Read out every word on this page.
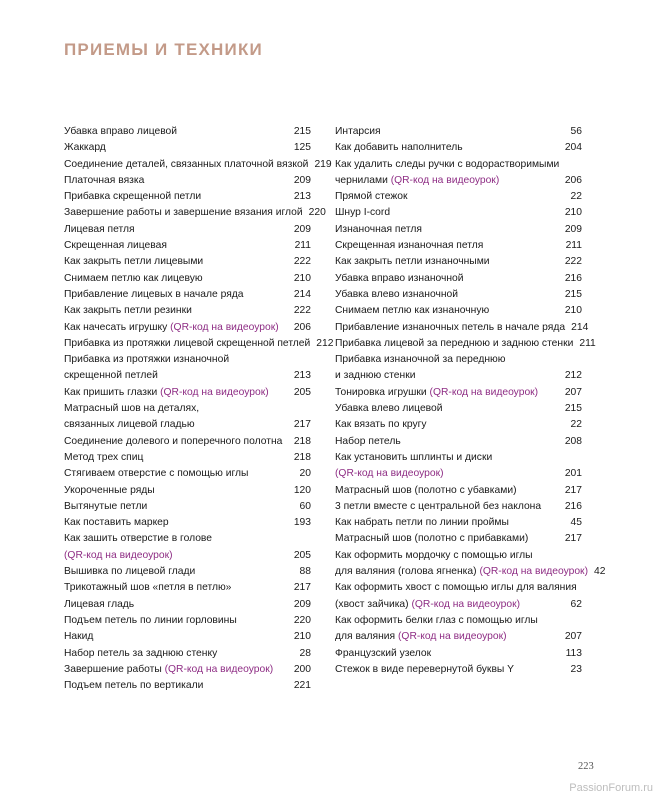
ПРИЕМЫ И ТЕХНИКИ
Убавка вправо лицевой	215
Жаккард	125
Соединение деталей, связанных платочной вязкой 219
Платочная вязка	209
Прибавка скрещенной петли	213
Завершение работы и завершение вязания иглой 220
Лицевая петля	209
Скрещенная лицевая	211
Как закрыть петли лицевыми	222
Снимаем петлю как лицевую	210
Прибавление лицевых в начале ряда	214
Как закрыть петли резинки	222
Как начесать игрушку (QR-код на видеоурок) 206
Прибавка из протяжки лицевой скрещенной петлей 212
Прибавка из протяжки изнаночной
скрещенной петлей	213
Как пришить глазки (QR-код на видеоурок) 205
Матрасный шов на деталях,
связанных лицевой гладью	217
Соединение долевого и поперечного полотна 218
Метод трех спиц	218
Стягиваем отверстие с помощью иглы	20
Укороченные ряды	120
Вытянутые петли	60
Как поставить маркер	193
Как зашить отверстие в голове
(QR-код на видеоурок)	205
Вышивка по лицевой глади	88
Трикотажный шов «петля в петлю»	217
Лицевая гладь	209
Подъем петель по линии горловины	220
Накид	210
Набор петель за заднюю стенку	28
Завершение работы (QR-код на видеоурок) 200
Подъем петель по вертикали	221
Интарсия	56
Как добавить наполнитель	204
Как удалить следы ручки с водорастворимыми
чернилами (QR-код на видеоурок)	206
Прямой стежок	22
Шнур I-cord	210
Изнаночная петля	209
Скрещенная изнаночная петля	211
Как закрыть петли изнаночными	222
Убавка вправо изнаночной	216
Убавка влево изнаночной	215
Снимаем петлю как изнаночную	210
Прибавление изнаночных петель в начале ряда 214
Прибавка лицевой за переднюю и заднюю стенки 211
Прибавка изнаночной за переднюю
и заднюю стенки	212
Тонировка игрушки (QR-код на видеоурок)	207
Убавка влево лицевой	215
Как вязать по кругу	22
Набор петель	208
Как установить шплинты и диски
(QR-код на видеоурок)	201
Матрасный шов (полотно с убавками)	217
3 петли вместе с центральной без наклона 216
Как набрать петли по линии проймы	45
Матрасный шов (полотно с прибавками)	217
Как оформить мордочку с помощью иглы
для валяния (голова ягненка) (QR-код на видеоурок) 42
Как оформить хвост с помощью иглы для валяния
(хвост зайчика) (QR-код на видеоурок)	62
Как оформить белки глаз с помощью иглы
для валяния (QR-код на видеоурок)	207
Французский узелок	113
Стежок в виде перевернутой буквы Y	23
223
PassionForum.ru
